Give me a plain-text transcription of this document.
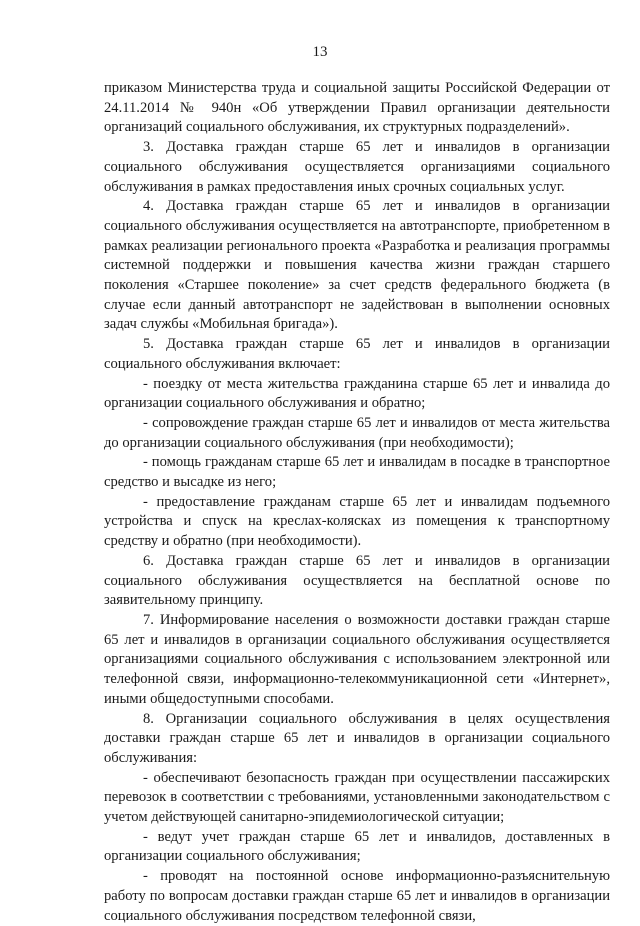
13

приказом Министерства труда и социальной защиты Российской Федерации от 24.11.2014 № 940н «Об утверждении Правил организации деятельности организаций социального обслуживания, их структурных подразделений».

3. Доставка граждан старше 65 лет и инвалидов в организации социального обслуживания осуществляется организациями социального обслуживания в рамках предоставления иных срочных социальных услуг.

4. Доставка граждан старше 65 лет и инвалидов в организации социального обслуживания осуществляется на автотранспорте, приобретенном в рамках реализации регионального проекта «Разработка и реализация программы системной поддержки и повышения качества жизни граждан старшего поколения «Старшее поколение» за счет средств федерального бюджета (в случае если данный автотранспорт не задействован в выполнении основных задач службы «Мобильная бригада»).

5. Доставка граждан старше 65 лет и инвалидов в организации социального обслуживания включает:

- поездку от места жительства гражданина старше 65 лет и инвалида до организации социального обслуживания и обратно;

- сопровождение граждан старше 65 лет и инвалидов от места жительства до организации социального обслуживания (при необходимости);

- помощь гражданам старше 65 лет и инвалидам в посадке в транспортное средство и высадке из него;

- предоставление гражданам старше 65 лет и инвалидам подъемного устройства и спуск на креслах-колясках из помещения к транспортному средству и обратно (при необходимости).

6. Доставка граждан старше 65 лет и инвалидов в организации социального обслуживания осуществляется на бесплатной основе по заявительному принципу.

7. Информирование населения о возможности доставки граждан старше 65 лет и инвалидов в организации социального обслуживания осуществляется организациями социального обслуживания с использованием электронной или телефонной связи, информационно-телекоммуникационной сети «Интернет», иными общедоступными способами.

8. Организации социального обслуживания в целях осуществления доставки граждан старше 65 лет и инвалидов в организации социального обслуживания:

- обеспечивают безопасность граждан при осуществлении пассажирских перевозок в соответствии с требованиями, установленными законодательством с учетом действующей санитарно-эпидемиологической ситуации;

- ведут учет граждан старше 65 лет и инвалидов, доставленных в организации социального обслуживания;

- проводят на постоянной основе информационно-разъяснительную работу по вопросам доставки граждан старше 65 лет и инвалидов в организации социального обслуживания посредством телефонной связи,
